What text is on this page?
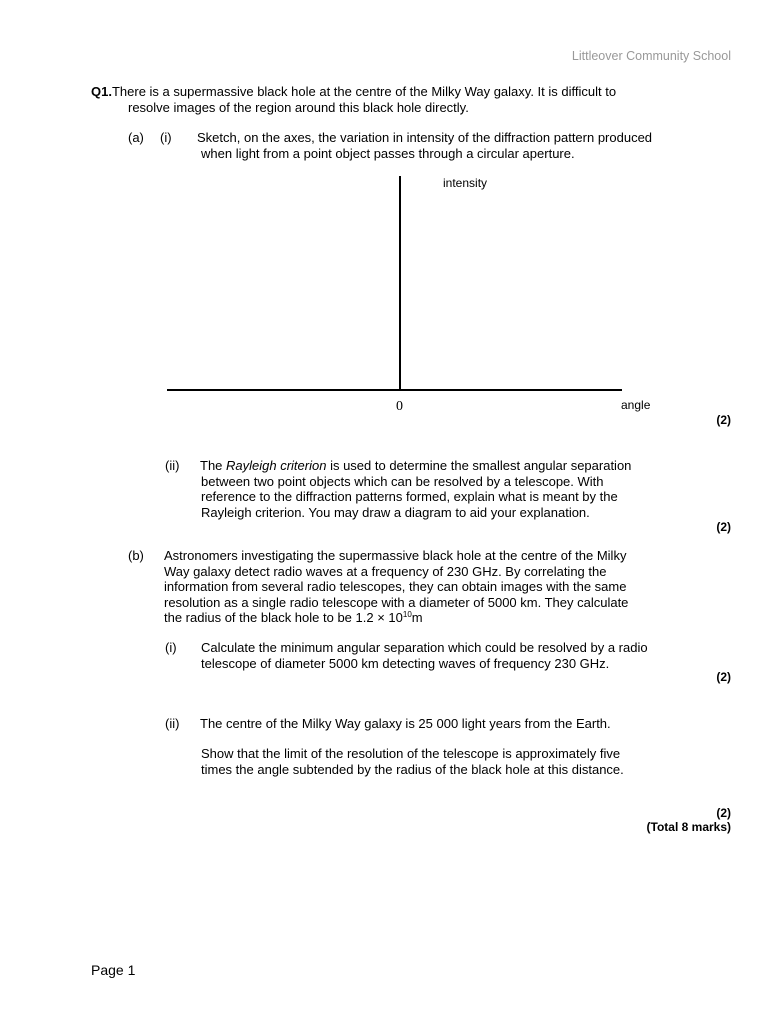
Littleover Community School
Q1.There is a supermassive black hole at the centre of the Milky Way galaxy. It is difficult to
resolve images of the region around this black hole directly.
(a) (i) Sketch, on the axes, the variation in intensity of the diffraction pattern produced
when light from a point object passes through a circular aperture.
intensity
angle
0
(2)
(ii) The Rayleigh criterion is used to determine the smallest angular separation
between two point objects which can be resolved by a telescope. With
reference to the diffraction patterns formed, explain what is meant by the
Rayleigh criterion. You may draw a diagram to aid your explanation.
(2)
(b) Astronomers investigating the supermassive black hole at the centre of the Milky
Way galaxy detect radio waves at a frequency of 230 GHz. By correlating the
information from several radio telescopes, they can obtain images with the same
resolution as a single radio telescope with a diameter of 5000 km. They calculate
the radius of the black hole to be $1.2 \times 10^{10}m$
(i) Calculate the minimum angular separation which could be resolved by a radio
telescope of diameter 5000 km detecting waves of frequency 230 GHz.
(2)
(ii) The centre of the Milky Way galaxy is 25 000 light years from the Earth.
Show that the limit of the resolution of the telescope is approximately five
times the angle subtended by the radius of the black hole at this distance.
(2)
(Total 8 marks)
Page 1
